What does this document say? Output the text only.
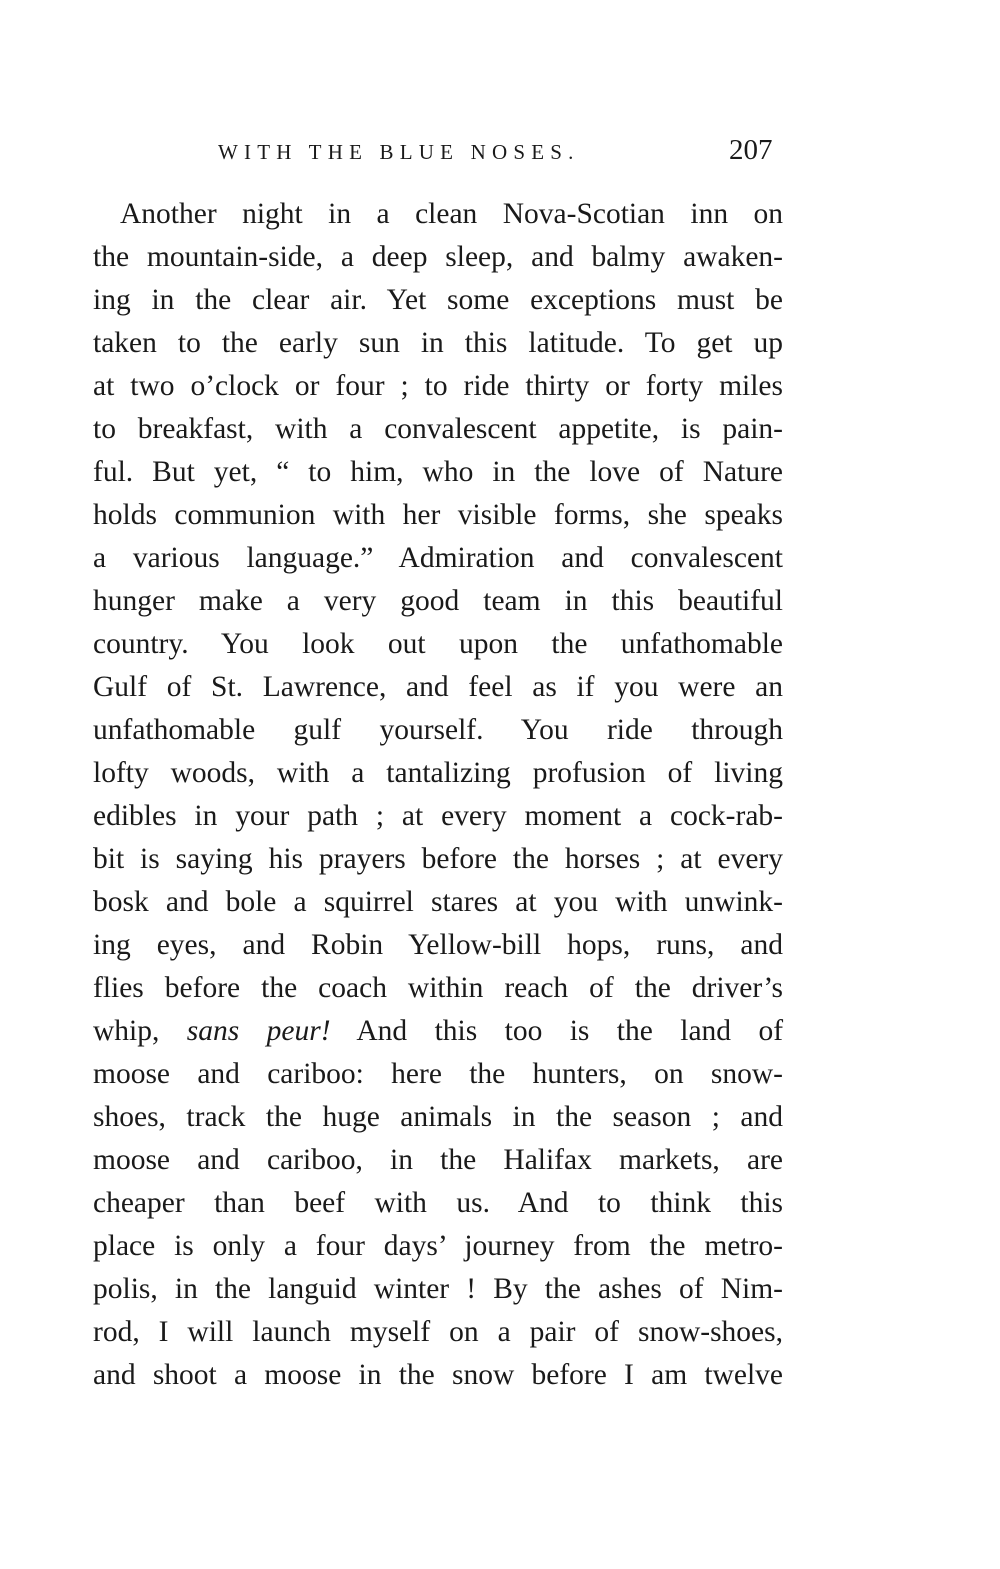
WITH THE BLUE NOSES.	207
Another night in a clean Nova-Scotian inn on
the mountain-side, a deep sleep, and balmy awaken-
ing in the clear air. Yet some exceptions must be
taken to the early sun in this latitude. To get up
at two o’clock or four ; to ride thirty or forty miles
to breakfast, with a convalescent appetite, is pain-
ful. But yet, “ to him, who in the love of Nature
holds communion with her visible forms, she speaks
a various language.” Admiration and convalescent
hunger make a very good team in this beautiful
country. You look out upon the unfathomable
Gulf of St. Lawrence, and feel as if you were an
unfathomable gulf yourself. You ride through
lofty woods, with a tantalizing profusion of living
edibles in your path ; at every moment a cock-rab-
bit is saying his prayers before the horses ; at every
bosk and bole a squirrel stares at you with unwink-
ing eyes, and Robin Yellow-bill hops, runs, and
flies before the coach within reach of the driver’s
whip, sans peur! And this too is the land of
moose and cariboo: here the hunters, on snow-
shoes, track the huge animals in the season ; and
moose and cariboo, in the Halifax markets, are
cheaper than beef with us. And to think this
place is only a four days’ journey from the metro-
polis, in the languid winter ! By the ashes of Nim-
rod, I will launch myself on a pair of snow-shoes,
and shoot a moose in the snow before I am twelve
